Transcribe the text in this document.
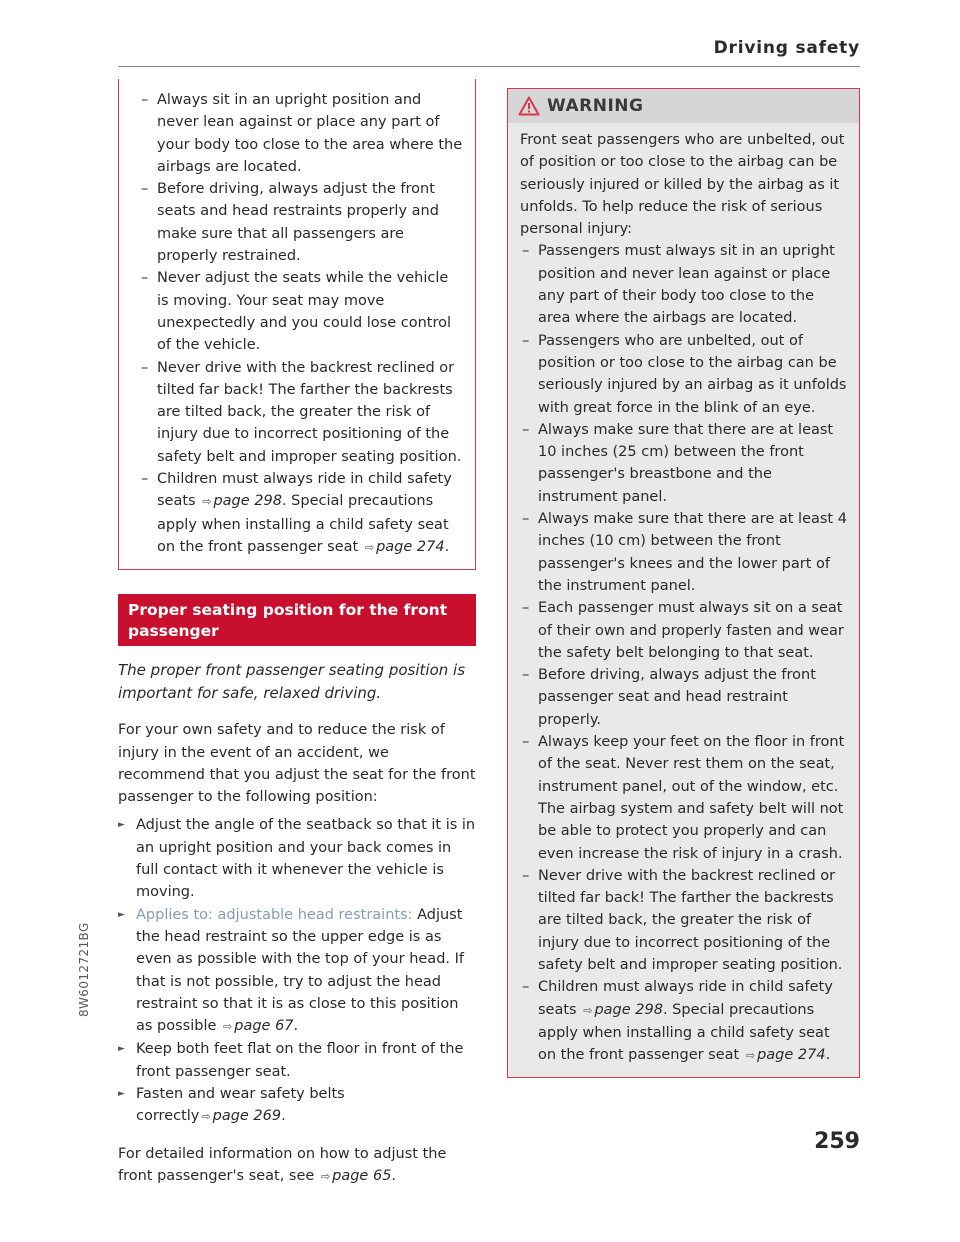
Driving safety
– Always sit in an upright position and never lean against or place any part of your body too close to the area where the airbags are located.
– Before driving, always adjust the front seats and head restraints properly and make sure that all passengers are properly restrained.
– Never adjust the seats while the vehicle is moving. Your seat may move unexpectedly and you could lose control of the vehicle.
– Never drive with the backrest reclined or tilted far back! The farther the backrests are tilted back, the greater the risk of injury due to incorrect positioning of the safety belt and improper seating position.
– Children must always ride in child safety seats ⇨ page 298. Special precautions apply when installing a child safety seat on the front passenger seat ⇨ page 274.
Proper seating position for the front passenger

The proper front passenger seating position is important for safe, relaxed driving.

For your own safety and to reduce the risk of injury in the event of an accident, we recommend that you adjust the seat for the front passenger to the following position:

► Adjust the angle of the seatback so that it is in an upright position and your back comes in full contact with it whenever the vehicle is moving.
► Applies to: adjustable head restraints: Adjust the head restraint so the upper edge is as even as possible with the top of your head. If that is not possible, try to adjust the head restraint so that it is as close to this position as possible ⇨ page 67.
► Keep both feet flat on the floor in front of the front passenger seat.
► Fasten and wear safety belts correctly ⇨ page 269.

For detailed information on how to adjust the front passenger's seat, see ⇨ page 65.

WARNING

Front seat passengers who are unbelted, out of position or too close to the airbag can be seriously injured or killed by the airbag as it unfolds. To help reduce the risk of serious personal injury:

– Passengers must always sit in an upright position and never lean against or place any part of their body too close to the area where the airbags are located.
– Passengers who are unbelted, out of position or too close to the airbag can be seriously injured by an airbag as it unfolds with great force in the blink of an eye.
– Always make sure that there are at least 10 inches (25 cm) between the front passenger's breastbone and the instrument panel.
– Always make sure that there are at least 4 inches (10 cm) between the front passenger's knees and the lower part of the instrument panel.
– Each passenger must always sit on a seat of their own and properly fasten and wear the safety belt belonging to that seat.
– Before driving, always adjust the front passenger seat and head restraint properly.
– Always keep your feet on the floor in front of the seat. Never rest them on the seat, instrument panel, out of the window, etc. The airbag system and safety belt will not be able to protect you properly and can even increase the risk of injury in a crash.
– Never drive with the backrest reclined or tilted far back! The farther the backrests are tilted back, the greater the risk of injury due to incorrect positioning of the safety belt and improper seating position.
– Children must always ride in child safety seats ⇨ page 298. Special precautions apply when installing a child safety seat on the front passenger seat ⇨ page 274.
8W6012721BG
259
